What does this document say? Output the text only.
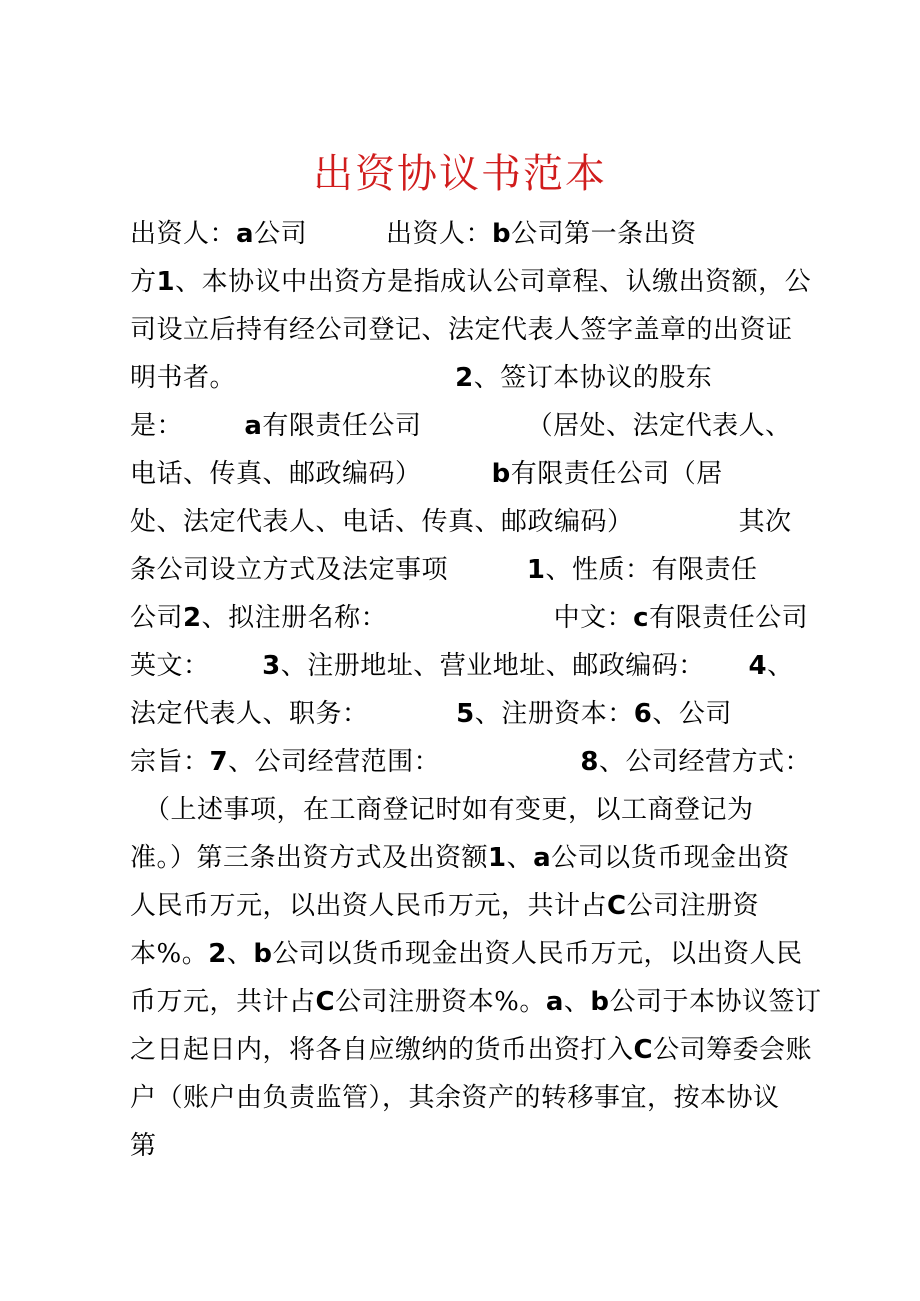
出资协议书范本
出资人：a公司         出资人：b公司第一条出资
方1、本协议中出资方是指成认公司章程、认缴出资额，公
司设立后持有经公司登记、法定代表人签字盖章的出资证
明书者。                         2、签订本协议的股东
是：       a有限责任公司            （居处、法定代表人、
电话、传真、邮政编码）        b有限责任公司（居
处、法定代表人、电话、传真、邮政编码）            其次
条公司设立方式及法定事项         1、性质：有限责任
公司2、拟注册名称：                   中文：c有限责任公司
英文：      3、注册地址、营业地址、邮政编码：     4、
法定代表人、职务：          5、注册资本：6、公司
宗旨：7、公司经营范围：                8、公司经营方式：
（上述事项，在工商登记时如有变更，以工商登记为
准。）第三条出资方式及出资额1、a公司以货币现金出资
人民币万元，以出资人民币万元，共计占C公司注册资
本%。2、b公司以货币现金出资人民币万元，以出资人民
币万元，共计占C公司注册资本%。a、b公司于本协议签订
之日起日内，将各自应缴纳的货币出资打入C公司筹委会账
户（账户由负责监管），其余资产的转移事宜，按本协议
第
